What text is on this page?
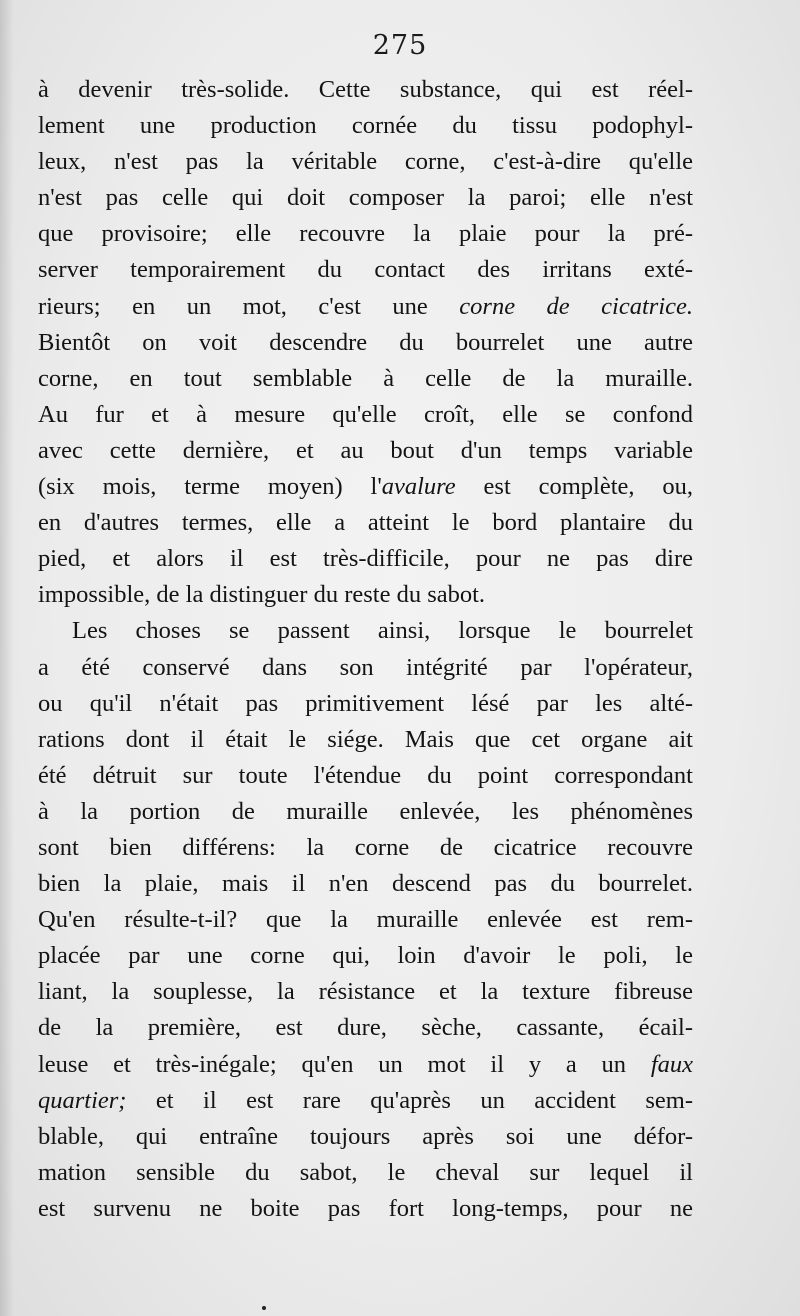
275
à devenir très-solide. Cette substance, qui est réel-
lement une production cornée du tissu podophyl-
leux, n'est pas la véritable corne, c'est-à-dire qu'elle
n'est pas celle qui doit composer la paroi; elle n'est
que provisoire; elle recouvre la plaie pour la pré-
server temporairement du contact des irritans exté-
rieurs; en un mot, c'est une corne de cicatrice.
Bientôt on voit descendre du bourrelet une autre
corne, en tout semblable à celle de la muraille.
Au fur et à mesure qu'elle croît, elle se confond
avec cette dernière, et au bout d'un temps variable
(six mois, terme moyen) l'avalure est complète, ou,
en d'autres termes, elle a atteint le bord plantaire du
pied, et alors il est très-difficile, pour ne pas dire
impossible, de la distinguer du reste du sabot.
Les choses se passent ainsi, lorsque le bourrelet
a été conservé dans son intégrité par l'opérateur,
ou qu'il n'était pas primitivement lésé par les alté-
rations dont il était le siége. Mais que cet organe ait
été détruit sur toute l'étendue du point correspondant
à la portion de muraille enlevée, les phénomènes
sont bien différens: la corne de cicatrice recouvre
bien la plaie, mais il n'en descend pas du bourrelet.
Qu'en résulte-t-il? que la muraille enlevée est rem-
placée par une corne qui, loin d'avoir le poli, le
liant, la souplesse, la résistance et la texture fibreuse
de la première, est dure, sèche, cassante, écail-
leuse et très-inégale; qu'en un mot il y a un faux
quartier; et il est rare qu'après un accident sem-
blable, qui entraîne toujours après soi une défor-
mation sensible du sabot, le cheval sur lequel il
est survenu ne boite pas fort long-temps, pour ne
